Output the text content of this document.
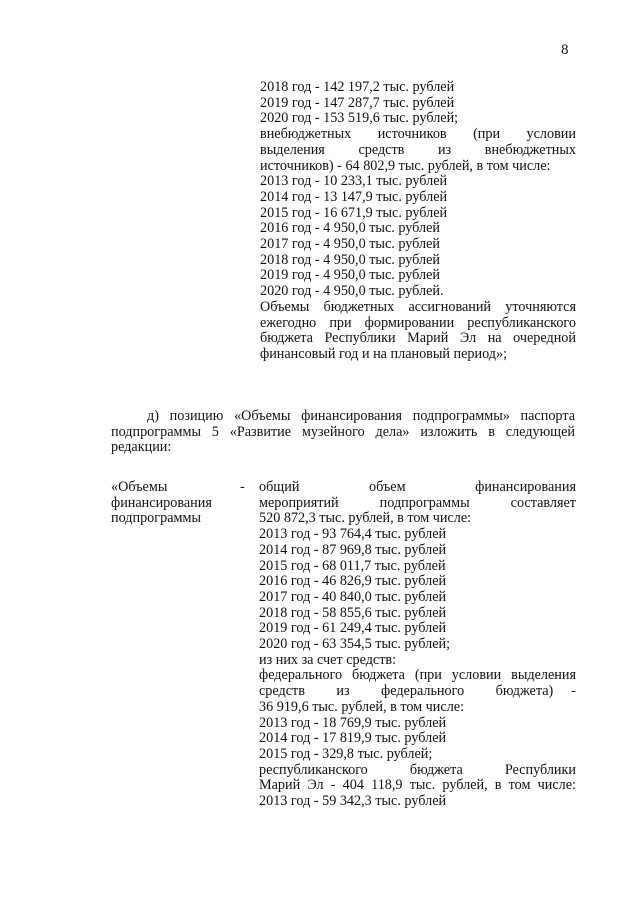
8
2018 год - 142 197,2 тыс. рублей
2019 год - 147 287,7 тыс. рублей
2020 год - 153 519,6 тыс. рублей;
внебюджетных источников (при условии
выделения средств из внебюджетных
источников) - 64 802,9 тыс. рублей, в том числе:
2013 год - 10 233,1 тыс. рублей
2014 год - 13 147,9 тыс. рублей
2015 год - 16 671,9 тыс. рублей
2016 год - 4 950,0 тыс. рублей
2017 год - 4 950,0 тыс. рублей
2018 год - 4 950,0 тыс. рублей
2019 год - 4 950,0 тыс. рублей
2020 год - 4 950,0 тыс. рублей.
Объемы бюджетных ассигнований уточняются
ежегодно при формировании республиканского
бюджета Республики Марий Эл на очередной
финансовый год и на плановый период»;
д) позицию «Объемы финансирования подпрограммы» паспорта
подпрограммы 5 «Развитие музейного дела» изложить в следующей
редакции:
«Объемы
финансирования
подпрограммы
- общий объем финансирования
мероприятий подпрограммы составляет
520 872,3 тыс. рублей, в том числе:
2013 год - 93 764,4 тыс. рублей
2014 год - 87 969,8 тыс. рублей
2015 год - 68 011,7 тыс. рублей
2016 год - 46 826,9 тыс. рублей
2017 год - 40 840,0 тыс. рублей
2018 год - 58 855,6 тыс. рублей
2019 год - 61 249,4 тыс. рублей
2020 год - 63 354,5 тыс. рублей;
из них за счет средств:
федерального бюджета (при условии выделения
средств из федерального бюджета) -
36 919,6 тыс. рублей, в том числе:
2013 год - 18 769,9 тыс. рублей
2014 год - 17 819,9 тыс. рублей
2015 год - 329,8 тыс. рублей;
республиканского бюджета Республики
Марий Эл - 404 118,9 тыс. рублей, в том числе:
2013 год - 59 342,3 тыс. рублей
